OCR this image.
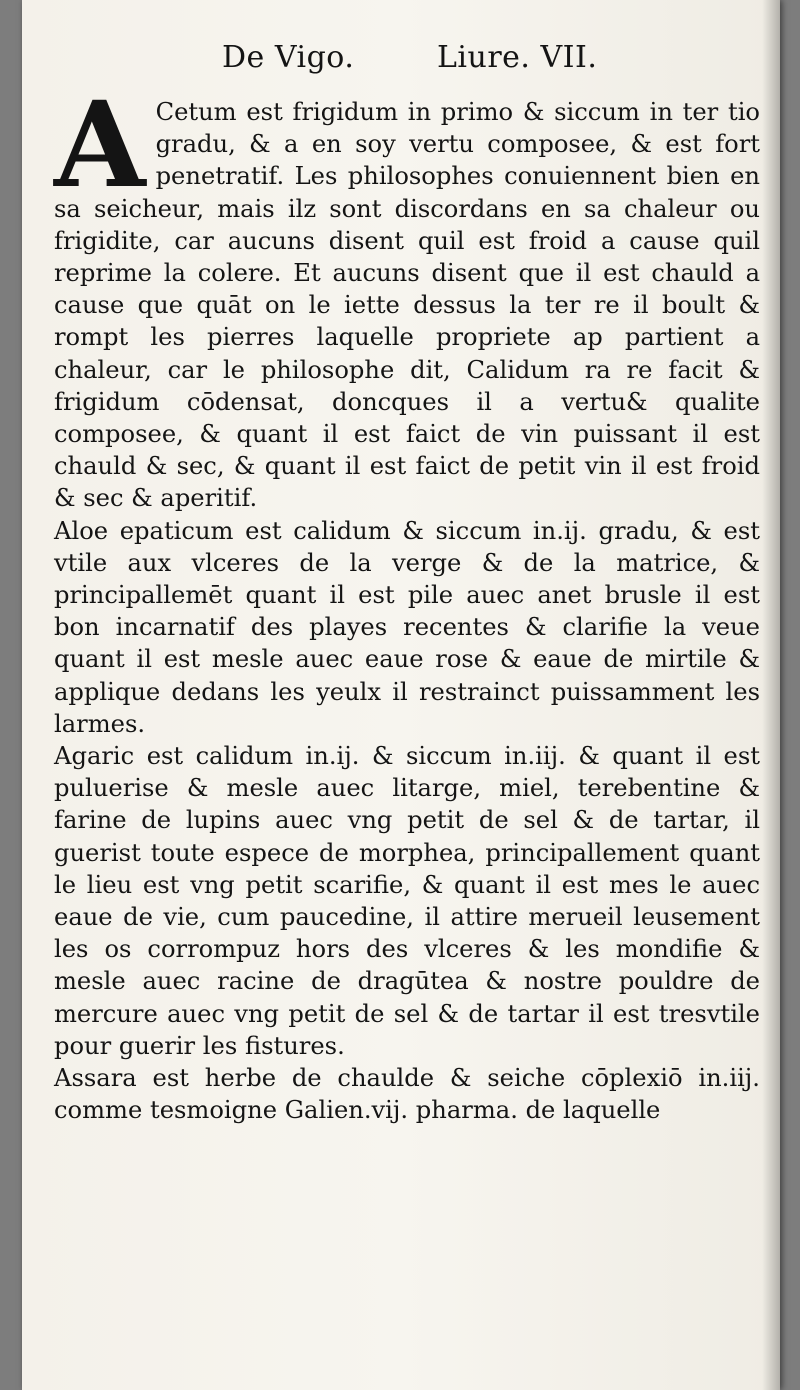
De Vigo.	Liure. VII.

A Cetum est frigidum in primo & siccum in ter tio gradu, & a en soy vertu composee, & est fort penetratif. Les philosophes conuiennent bien en sa seicheur, mais ilz sont discordans en sa chaleur ou frigidite, car aucuns disent quil est froid a cause quil reprime la colere. Et aucuns disent que il est chauld a cause que quāt on le iette dessus la ter re il boult & rompt les pierres laquelle propriete ap partient a chaleur, car le philosophe dit, Calidum ra re facit & frigidum cōdensat, doncques il a vertu& qualite composee, & quant il est faict de vin puissant il est chauld & sec, & quant il est faict de petit vin il est froid & sec & aperitif.

Aloe epaticum est calidum & siccum in.ij. gradu, & est vtile aux vlceres de la verge & de la matrice, & principallemēt quant il est pile auec anet brusle il est bon incarnatif des playes recentes & clarifie la veue quant il est mesle auec eaue rose & eaue de mirtile & applique dedans les yeulx il restrainct puissamment les larmes.

Agaric est calidum in.ij. & siccum in.iij. & quant il est puluerise & mesle auec litarge, miel, terebentine & farine de lupins auec vng petit de sel & de tartar, il guerist toute espece de morphea, principallement quant le lieu est vng petit scarifie, & quant il est mes le auec eaue de vie, cum paucedine, il attire merueil leusement les os corrompuz hors des vlceres & les mondifie & mesle auec racine de dragūtea & nostre pouldre de mercure auec vng petit de sel & de tartar il est tresvtile pour guerir les fistures.

Assara est herbe de chaulde & seiche cōplexiō in.iij. comme tesmoigne Galien.vij. pharma. de laquelle
